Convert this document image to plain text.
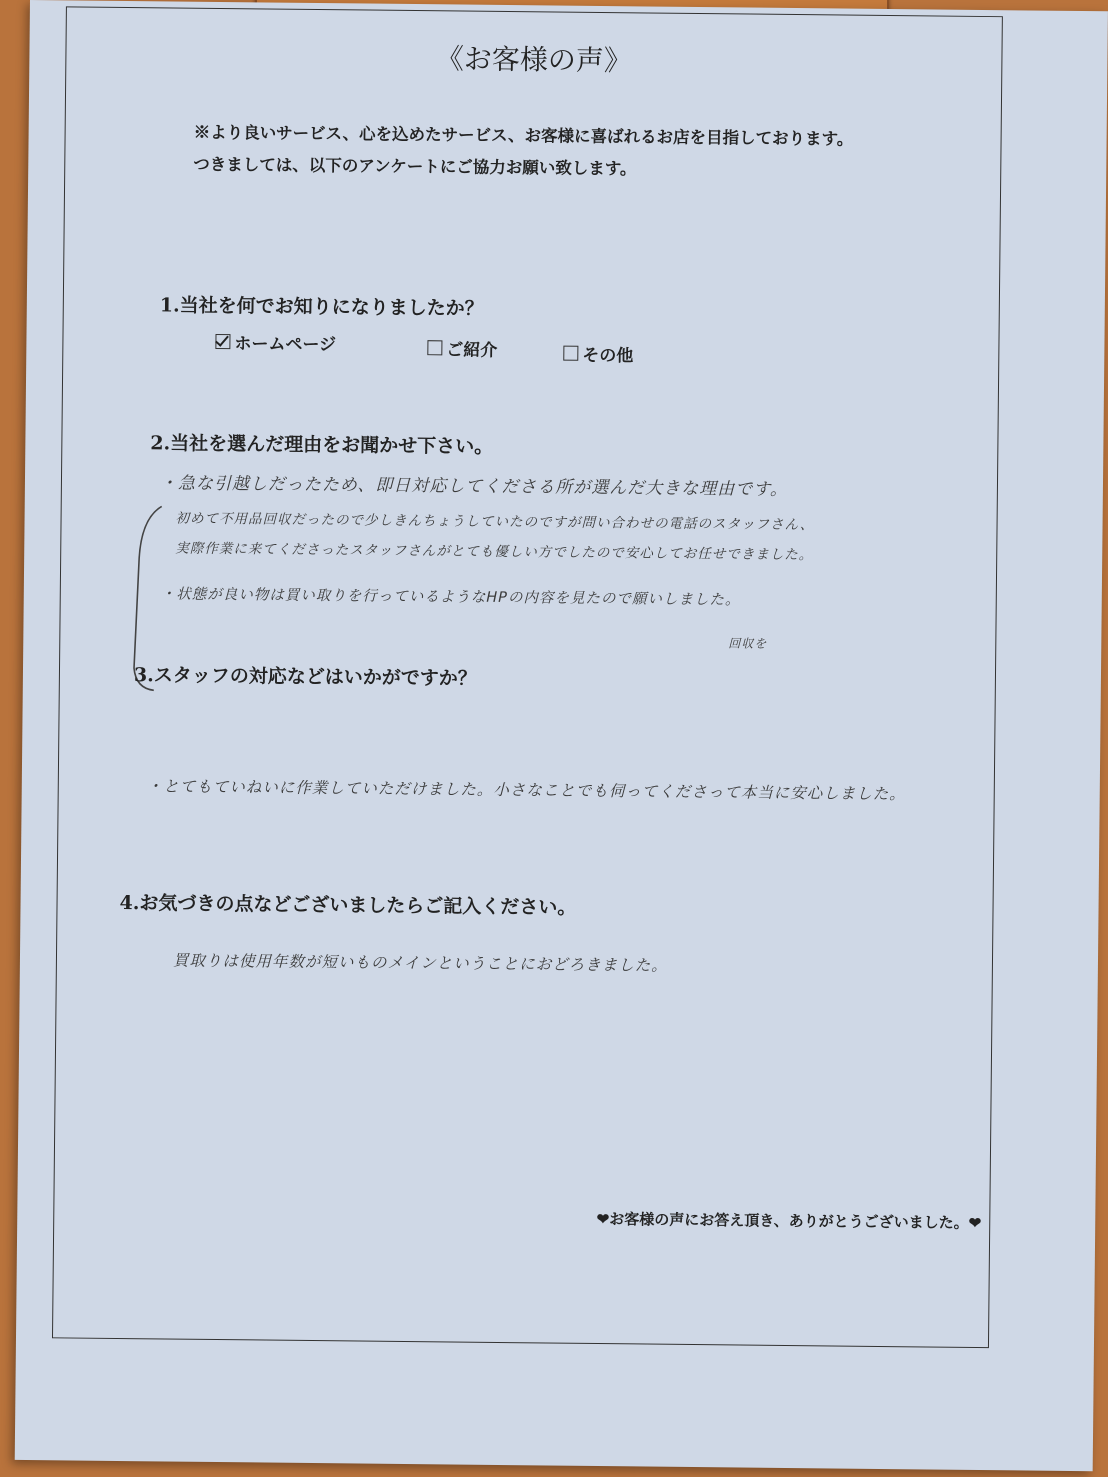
《お客様の声》
※より良いサービス、心を込めたサービス、お客様に喜ばれるお店を目指しております。
つきましては、以下のアンケートにご協力お願い致します。
1.当社を何でお知りになりましたか？
ホームページ	ご紹介	その他
2.当社を選んだ理由をお聞かせ下さい。
・急な引越しだったため、即日対応してくださる所が選んだ大きな理由です。
初めて不用品回収だったので少しきんちょうしていたのですが問い合わせの電話のスタッフさん、
実際作業に来てくださったスタッフさんがとても優しい方でしたので安心してお任せできました。
・状態が良い物は買い取りを行っているようなHPの内容を見たので願いしました。
回収を
3.スタッフの対応などはいかがですか？
・とてもていねいに作業していただけました。小さなことでも伺ってくださって本当に安心しました。
4.お気づきの点などございましたらご記入ください。
買取りは使用年数が短いものメインということにおどろきました。
❤お客様の声にお答え頂き、ありがとうございました。❤
